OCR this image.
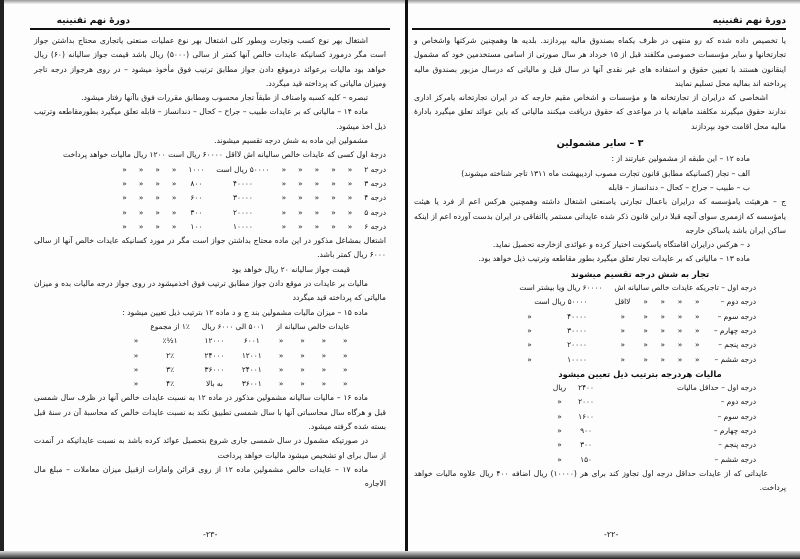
دورهٔ نهم تقنینیه

اشتغال بهر نوع کسب وتجارت وبطور کلی اشتغال بهر نوع عملیات صنعتی یاتجاری محتاج بداشتن جواز است مگر درمورد کسانیکه عایدات خالص آنها کمتر از سالی (۵۰۰۰) ریال باشد قیمت جواز سالیانه (۶۰) ریال خواهد بود مالیات برعوائد درموقع دادن جواز مطابق ترتیب فوق مأخوذ میشود – در روی هرجواز درجه تاجر ومیزان مالیاتی که پرداخته قید میگردد.

تبصره – کلیه کسبه واصناف از طبقاً تجار محسوب ومطابق مقررات فوق باآنها رفتار میشود.

ماده ۱۴ – مالیاتی که بر عایدات طبیب – جراح – کحال – دندانساز – قابله تعلق میگیرد بطورمقاطعه وترتیب ذیل اخذ میشود.

مشمولین این ماده به شش درجه تقسیم میشوند.

درجهٔ اول کسی که عایدات خالص سالیانه اش لااقل ۶۰۰۰۰ ریال است ۱۲۰۰ ریال مالیات خواهد پرداخت

درجه ۲	«	«	«	«	«	۵۰۰۰۰ ریال است	۱۰۰۰	«	«	«	«
درجه ۳	«	«	«	«	«	۴۰۰۰۰	۸۰۰	«	«	«	«
درجه ۴	«	«	«	«	«	۳۰۰۰۰	۶۰۰	«	«	«	«
درجه ۵	«	«	«	«	«	۲۰۰۰۰	۳۰۰	«	«	«	«
درجه ۶	«	«	«	«	«	۱۰۰۰۰	۱۰۰	«	«	«	«

اشتغال بمشاغل مذکور در این ماده محتاج بداشتن جواز است مگر در مورد کسانیکه عایدات خالص آنها از سالی ۶۰۰۰ ریال کمتر باشد.

قیمت جواز سالیانه ۲۰ ریال خواهد بود

مالیات بر عایدات در موقع دادن جواز مطابق ترتیب فوق اخذمیشود در روی جواز درجه مالیات بده و میزان مالیاتی که پرداخته قید میگردد

ماده ۱۵ – میزان مالیات مشمولین بند ج و د ماده ۱۲ بترتیب ذیل تعیین میشود :

عایدات خالص سالیانه از				۵۰۰۱ الی ۶۰۰۰ ریال		۱٪ از مجموع	
«	«	«	«	۶۰۰۱	۱۲۰۰۰	۱½٪	«
«	«	«	«	۱۲۰۰۱	۲۴۰۰۰	۲٪	«
«	«	«	«	۲۴۰۰۱	۳۶۰۰۰	۳٪	«
«	«	«	«	۳۶۰۰۱	به بالا	۴٪	«

ماده ۱۶ – مالیات سالیانه مشمولین مذکور در ماده ۱۲ به نسبت عایدات خالص آنها در ظرف سال شمسی قبل و هرگاه سال محاسباتی آنها با سال شمسی تطبیق نکند به نسبت عایدات خالص که محاسبهٔ آن در سنهٔ قبل بسته شده گرفته میشود.

در صورتیکه مشمول در سال شمسی جاری شروع بتحصیل عوائد کرده باشد به نسبت عایداتیکه در آنمدت از سال برای او تشخیص میشود مالیات خواهد پرداخت

ماده ۱۷ – عایدات خالص مشمولین ماده ۱۲ از روی قرائن وامارات ازقبیل میزان معاملات – مبلغ مال الاجاره

-۲۳-
دورهٔ نهم تقنینیه

یا تخصیص داده شده که رو منتهی در ظرف یکماه بصندوق مالیه بپردازند. بلدیه ها وهمچنین شرکتها واشخاص و تجارتخانها و سایر مؤسسات خصوصی مکلفند قبل از ۱۵ خرداد هر سال صورتی از اسامی مستخدمین خود که مشمول اینقانون هستند با تعیین حقوق و استفاده های غیر نقدی آنها در سال قبل و مالیاتی که درسال مزبور بصندوق مالیه پرداخته اند بمالیه محل تسلیم نمایند

اشخاصی که درایران از تجارتخانه ها و مؤسسات و اشخاص مقیم خارجه که در ایران تجارتخانه یامرکز اداری ندارند حقوق میگیرند مکلفند ماهیانه یا در مواعدی که حقوق دریافت میکنند مالیاتی که باین عوائد تعلق میگیرد بادارهٔ مالیه محل اقامت خود بپردازند

۳ – سایر مشمولین

ماده ۱۲ – این طبقه از مشمولین عبارتند از :

الف – تجار (کسانیکه مطابق قانون تجارت مصوب اردیبهشت ماه ۱۳۱۱ تاجر شناخته میشوند)

ب – طبیب – جراح – کحال – دندانساز – قابله

ج – هرهیئت یامؤسسه که درایران باعمال تجارتی یاصنعتی اشتغال داشته وهمچنین هرکس اعم از فرد یا هیئت یامؤسسه که ازممری سوای آنچه قبلا دراین قانون ذکر شده عایداتی مستمر یااتفاقی در ایران بدست آورده اعم از اینکه ساکن ایران باشد یاساکن خارجه

د – هرکس درایران اقامتگاه یاسکونت اختیار کرده و عوائدی ازخارجه تحصیل نماید.

ماده ۱۳ – مالیاتی که بر عایدات تجار تعلق میگیرد بطور مقاطعه وترتیب ذیل خواهد بود.

تجار به شش درجه تقسیم میشوند
درجه اول – تاجریکه عایدات خالص سالیانه اش						۶۰۰۰۰ ریال ویا بیشتر است	
درجه دوم –	«	«	«	«	لااقل	۵۰۰۰۰ ریال است	
درجه سوم –	«	«	«	«	«	۴۰۰۰۰	«
درجه چهارم –	«	«	«	«	«	۳۰۰۰۰	«
درجه پنجم –	«	«	«	«	«	۲۰۰۰۰	«
درجه ششم –	«	«	«	«	«	۱۰۰۰۰	«
مالیات هردرجه بترتیب ذیل تعیین میشود
درجه اول – حداقل مالیات	۲۴۰۰	ریال
درجه دوم –	۲۰۰۰	«
درجه سوم –	۱۶۰۰	«
درجه چهارم –	۹۰۰	«
درجه پنجم –	۳۰۰	«
درجه ششم –	۱۵۰	«

عایداتی که از عایدات حداقل درجه اول تجاوز کند برای هر (۱۰۰۰۰) ریال اضافه ۴۰۰ ریال علاوه مالیات خواهد پرداخت.

-۲۲-
